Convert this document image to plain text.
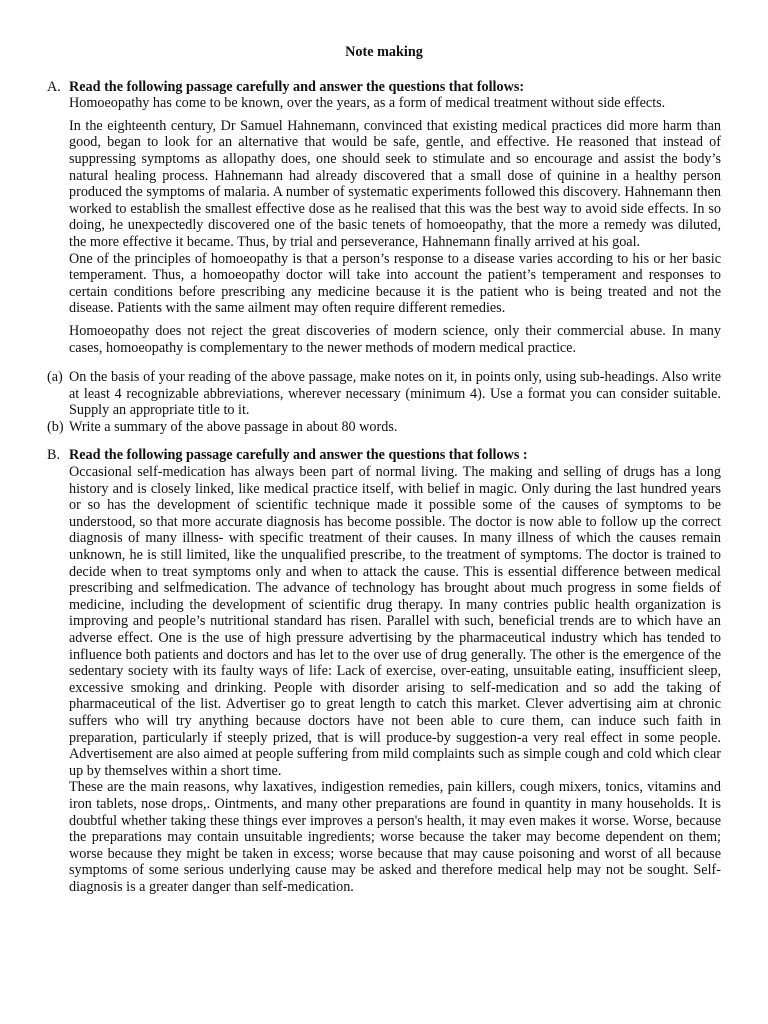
Note making
A. Read the following passage carefully and answer the questions that follows:

Homoeopathy has come to be known, over the years, as a form of medical treatment without side effects.

In the eighteenth century, Dr Samuel Hahnemann, convinced that existing medical practices did more harm than good, began to look for an alternative that would be safe, gentle, and effective. He reasoned that instead of suppressing symptoms as allopathy does, one should seek to stimulate and so encourage and assist the body’s natural healing process. Hahnemann had already discovered that a small dose of quinine in a healthy person produced the symptoms of malaria. A number of systematic experiments followed this discovery. Hahnemann then worked to establish the smallest effective dose as he realised that this was the best way to avoid side effects. In so doing, he unexpectedly discovered one of the basic tenets of homoeopathy, that the more a remedy was diluted, the more effective it became. Thus, by trial and perseverance, Hahnemann finally arrived at his goal.

One of the principles of homoeopathy is that a person’s response to a disease varies according to his or her basic temperament. Thus, a homoeopathy doctor will take into account the patient’s temperament and responses to certain conditions before prescribing any medicine because it is the patient who is being treated and not the disease. Patients with the same ailment may often require different remedies.

Homoeopathy does not reject the great discoveries of modern science, only their commercial abuse. In many cases, homoeopathy is complementary to the newer methods of modern medical practice.

(a) On the basis of your reading of the above passage, make notes on it, in points only, using sub-headings. Also write at least 4 recognizable abbreviations, wherever necessary (minimum 4). Use a format you can consider suitable. Supply an appropriate title to it.
(b) Write a summary of the above passage in about 80 words.
B. Read the following passage carefully and answer the questions that follows :

Occasional self-medication has always been part of normal living. The making and selling of drugs has a long history and is closely linked, like medical practice itself, with belief in magic. Only during the last hundred years or so has the development of scientific technique made it possible some of the causes of symptoms to be understood, so that more accurate diagnosis has become possible. The doctor is now able to follow up the correct diagnosis of many illness- with specific treatment of their causes. In many illness of which the causes remain unknown, he is still limited, like the unqualified prescribe, to the treatment of symptoms. The doctor is trained to decide when to treat symptoms only and when to attack the cause. This is essential difference between medical prescribing and selfmedication. The advance of technology has brought about much progress in some fields of medicine, including the development of scientific drug therapy. In many contries public health organization is improving and people’s nutritional standard has risen. Parallel with such, beneficial trends are to which have an adverse effect. One is the use of high pressure advertising by the pharmaceutical industry which has tended to influence both patients and doctors and has let to the over use of drug generally. The other is the emergence of the sedentary society with its faulty ways of life: Lack of exercise, over-eating, unsuitable eating, insufficient sleep, excessive smoking and drinking. People with disorder arising to self-medication and so add the taking of pharmaceutical of the list. Advertiser go to great length to catch this market. Clever advertising aim at chronic suffers who will try anything because doctors have not been able to cure them, can induce such faith in preparation, particularly if steeply prized, that is will produce-by suggestion-a very real effect in some people. Advertisement are also aimed at people suffering from mild complaints such as simple cough and cold which clear up by themselves within a short time.

These are the main reasons, why laxatives, indigestion remedies, pain killers, cough mixers, tonics, vitamins and iron tablets, nose drops,. Ointments, and many other preparations are found in quantity in many households. It is doubtful whether taking these things ever improves a person's health, it may even makes it worse. Worse, because the preparations may contain unsuitable ingredients; worse because the taker may become dependent on them; worse because they might be taken in excess; worse because that may cause poisoning and worst of all because symptoms of some serious underlying cause may be asked and therefore medical help may not be sought. Self-diagnosis is a greater danger than self-medication.
